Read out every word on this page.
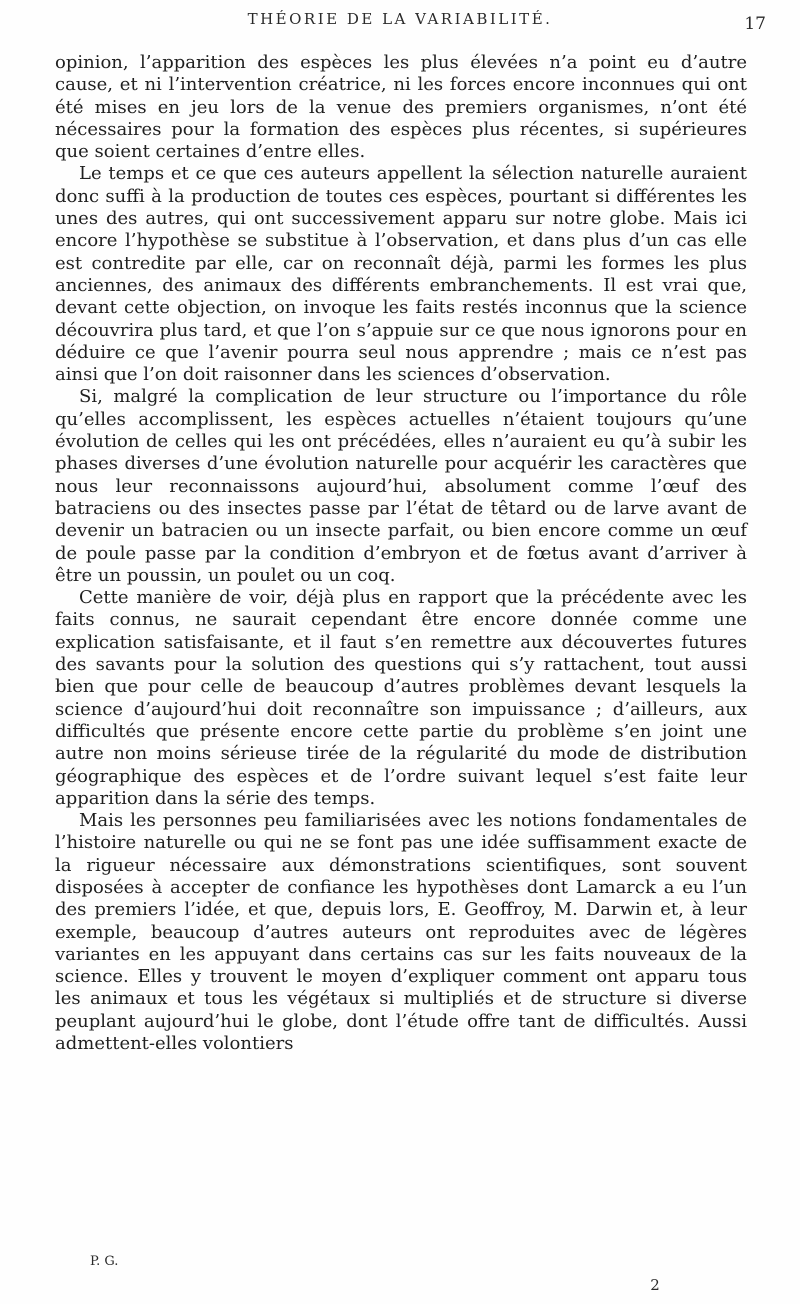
THÉORIE DE LA VARIABILITÉ.	17

opinion, l’apparition des espèces les plus élevées n’a point eu d’autre cause, et ni l’intervention créatrice, ni les forces encore inconnues qui ont été mises en jeu lors de la venue des premiers organismes, n’ont été nécessaires pour la formation des espèces plus récentes, si supérieures que soient certaines d’entre elles.

Le temps et ce que ces auteurs appellent la sélection naturelle auraient donc suffi à la production de toutes ces espèces, pourtant si différentes les unes des autres, qui ont successivement apparu sur notre globe. Mais ici encore l’hypothèse se substitue à l’observation, et dans plus d’un cas elle est contredite par elle, car on reconnaît déjà, parmi les formes les plus anciennes, des animaux des différents embranchements. Il est vrai que, devant cette objection, on invoque les faits restés inconnus que la science découvrira plus tard, et que l’on s’appuie sur ce que nous ignorons pour en déduire ce que l’avenir pourra seul nous apprendre ; mais ce n’est pas ainsi que l’on doit raisonner dans les sciences d’observation.

Si, malgré la complication de leur structure ou l’importance du rôle qu’elles accomplissent, les espèces actuelles n’étaient toujours qu’une évolution de celles qui les ont précédées, elles n’auraient eu qu’à subir les phases diverses d’une évolution naturelle pour acquérir les caractères que nous leur reconnaissons aujourd’hui, absolument comme l’œuf des batraciens ou des insectes passe par l’état de têtard ou de larve avant de devenir un batracien ou un insecte parfait, ou bien encore comme un œuf de poule passe par la condition d’embryon et de fœtus avant d’arriver à être un poussin, un poulet ou un coq.

Cette manière de voir, déjà plus en rapport que la précédente avec les faits connus, ne saurait cependant être encore donnée comme une explication satisfaisante, et il faut s’en remettre aux découvertes futures des savants pour la solution des questions qui s’y rattachent, tout aussi bien que pour celle de beaucoup d’autres problèmes devant lesquels la science d’aujourd’hui doit reconnaître son impuissance ; d’ailleurs, aux difficultés que présente encore cette partie du problème s’en joint une autre non moins sérieuse tirée de la régularité du mode de distribution géographique des espèces et de l’ordre suivant lequel s’est faite leur apparition dans la série des temps.

Mais les personnes peu familiarisées avec les notions fondamentales de l’histoire naturelle ou qui ne se font pas une idée suffisamment exacte de la rigueur nécessaire aux démonstrations scientifiques, sont souvent disposées à accepter de confiance les hypothèses dont Lamarck a eu l’un des premiers l’idée, et que, depuis lors, E. Geoffroy, M. Darwin et, à leur exemple, beaucoup d’autres auteurs ont reproduites avec de légères variantes en les appuyant dans certains cas sur les faits nouveaux de la science. Elles y trouvent le moyen d’expliquer comment ont apparu tous les animaux et tous les végétaux si multipliés et de structure si diverse peuplant aujourd’hui le globe, dont l’étude offre tant de difficultés. Aussi admettent-elles volontiers

P. G.
2
